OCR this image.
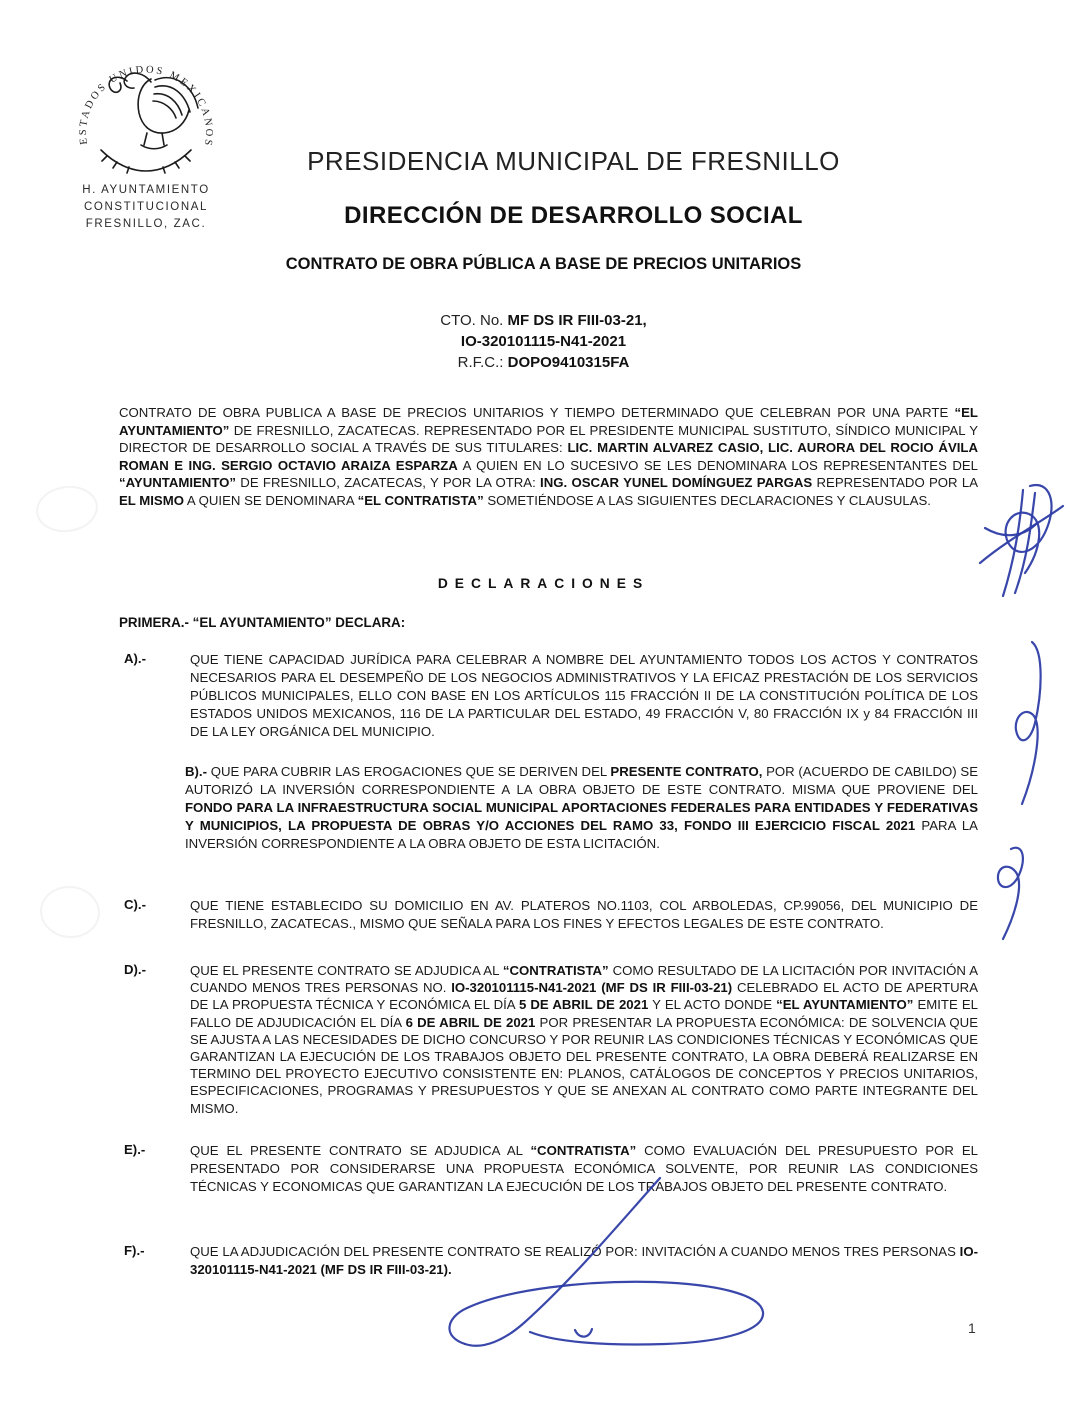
ESTADOS UNIDOS MEXICANOS
H. AYUNTAMIENTO
CONSTITUCIONAL
FRESNILLO, ZAC.
PRESIDENCIA MUNICIPAL DE FRESNILLO
DIRECCIÓN DE DESARROLLO SOCIAL
CONTRATO DE OBRA PÚBLICA A BASE DE PRECIOS UNITARIOS
CTO. No. MF DS IR FIII-03-21,
IO-320101115-N41-2021
R.F.C.: DOPO9410315FA

CONTRATO DE OBRA PUBLICA A BASE DE PRECIOS UNITARIOS Y TIEMPO DETERMINADO QUE CELEBRAN POR UNA PARTE “EL AYUNTAMIENTO” DE FRESNILLO, ZACATECAS. REPRESENTADO POR EL PRESIDENTE MUNICIPAL SUSTITUTO, SÍNDICO MUNICIPAL Y DIRECTOR DE DESARROLLO SOCIAL A TRAVÉS DE SUS TITULARES: LIC. MARTIN ALVAREZ CASIO, LIC. AURORA DEL ROCIO ÁVILA ROMAN E ING. SERGIO OCTAVIO ARAIZA ESPARZA A QUIEN EN LO SUCESIVO SE LES DENOMINARA LOS REPRESENTANTES DEL “AYUNTAMIENTO” DE FRESNILLO, ZACATECAS, Y POR LA OTRA: ING. OSCAR YUNEL DOMÍNGUEZ PARGAS REPRESENTADO POR LA EL MISMO A QUIEN SE DENOMINARA “EL CONTRATISTA” SOMETIÉNDOSE A LAS SIGUIENTES DECLARACIONES Y CLAUSULAS.

DECLARACIONES
PRIMERA.- “EL AYUNTAMIENTO” DECLARA:
A).-	QUE TIENE CAPACIDAD JURÍDICA PARA CELEBRAR A NOMBRE DEL AYUNTAMIENTO TODOS LOS ACTOS Y CONTRATOS NECESARIOS PARA EL DESEMPEÑO DE LOS NEGOCIOS ADMINISTRATIVOS Y LA EFICAZ PRESTACIÓN DE LOS SERVICIOS PÚBLICOS MUNICIPALES, ELLO CON BASE EN LOS ARTÍCULOS 115 FRACCIÓN II DE LA CONSTITUCIÓN POLÍTICA DE LOS ESTADOS UNIDOS MEXICANOS, 116 DE LA PARTICULAR DEL ESTADO, 49 FRACCIÓN V, 80 FRACCIÓN IX y 84 FRACCIÓN III DE LA LEY ORGÁNICA DEL MUNICIPIO.

B).- QUE PARA CUBRIR LAS EROGACIONES QUE SE DERIVEN DEL PRESENTE CONTRATO, POR (ACUERDO DE CABILDO) SE AUTORIZÓ LA INVERSIÓN CORRESPONDIENTE A LA OBRA OBJETO DE ESTE CONTRATO. MISMA QUE PROVIENE DEL FONDO PARA LA INFRAESTRUCTURA SOCIAL MUNICIPAL APORTACIONES FEDERALES PARA ENTIDADES Y FEDERATIVAS Y MUNICIPIOS, LA PROPUESTA DE OBRAS Y/O ACCIONES DEL RAMO 33, FONDO III EJERCICIO FISCAL 2021 PARA LA INVERSIÓN CORRESPONDIENTE A LA OBRA OBJETO DE ESTA LICITACIÓN.

C).-	QUE TIENE ESTABLECIDO SU DOMICILIO EN AV. PLATEROS NO.1103, COL ARBOLEDAS, CP.99056, DEL MUNICIPIO DE FRESNILLO, ZACATECAS., MISMO QUE SEÑALA PARA LOS FINES Y EFECTOS LEGALES DE ESTE CONTRATO.

D).-	QUE EL PRESENTE CONTRATO SE ADJUDICA AL “CONTRATISTA” COMO RESULTADO DE LA LICITACIÓN POR INVITACIÓN A CUANDO MENOS TRES PERSONAS NO. IO-320101115-N41-2021 (MF DS IR FIII-03-21) CELEBRADO EL ACTO DE APERTURA DE LA PROPUESTA TÉCNICA Y ECONÓMICA EL DÍA 5 DE ABRIL DE 2021 Y EL ACTO DONDE “EL AYUNTAMIENTO” EMITE EL FALLO DE ADJUDICACIÓN EL DÍA 6 DE ABRIL DE 2021 POR PRESENTAR LA PROPUESTA ECONÓMICA: DE SOLVENCIA QUE SE AJUSTA A LAS NECESIDADES DE DICHO CONCURSO Y POR REUNIR LAS CONDICIONES TÉCNICAS Y ECONÓMICAS QUE GARANTIZAN LA EJECUCIÓN DE LOS TRABAJOS OBJETO DEL PRESENTE CONTRATO, LA OBRA DEBERÁ REALIZARSE EN TERMINO DEL PROYECTO EJECUTIVO CONSISTENTE EN: PLANOS, CATÁLOGOS DE CONCEPTOS Y PRECIOS UNITARIOS, ESPECIFICACIONES, PROGRAMAS Y PRESUPUESTOS Y QUE SE ANEXAN AL CONTRATO COMO PARTE INTEGRANTE DEL MISMO.

E).-	QUE EL PRESENTE CONTRATO SE ADJUDICA AL “CONTRATISTA” COMO EVALUACIÓN DEL PRESUPUESTO POR EL PRESENTADO POR CONSIDERARSE UNA PROPUESTA ECONÓMICA SOLVENTE, POR REUNIR LAS CONDICIONES TÉCNICAS Y ECONOMICAS QUE GARANTIZAN LA EJECUCIÓN DE LOS TRABAJOS OBJETO DEL PRESENTE CONTRATO.

F).-	QUE LA ADJUDICACIÓN DEL PRESENTE CONTRATO SE REALIZÓ POR: INVITACIÓN A CUANDO MENOS TRES PERSONAS IO-320101115-N41-2021 (MF DS IR FIII-03-21).

1
